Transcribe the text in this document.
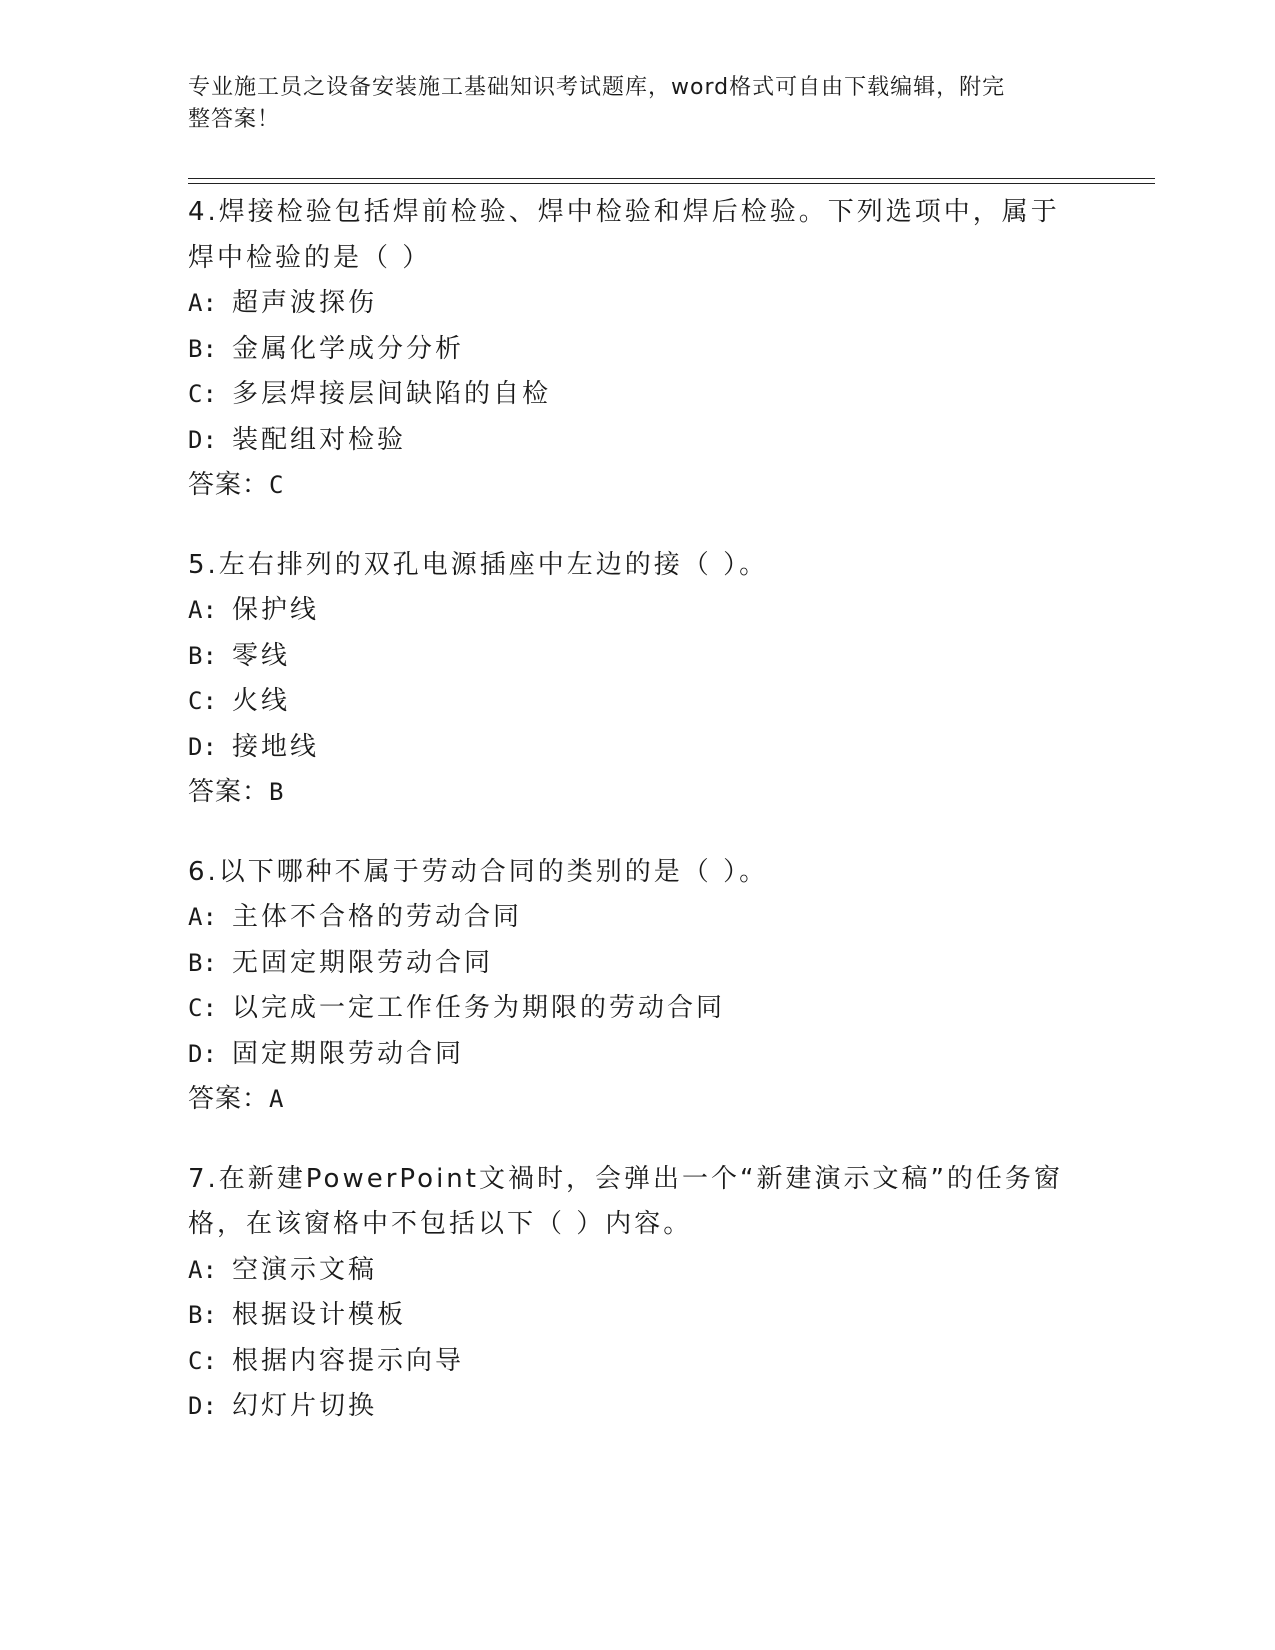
专业施工员之设备安装施工基础知识考试题库，word格式可自由下载编辑，附完
整答案！
4.焊接检验包括焊前检验、焊中检验和焊后检验。下列选项中，属于焊中检验的是（ ）
A: 超声波探伤
B: 金属化学成分分析
C: 多层焊接层间缺陷的自检
D: 装配组对检验
答案：C
5.左右排列的双孔电源插座中左边的接（ ）。
A: 保护线
B: 零线
C: 火线
D: 接地线
答案：B
6.以下哪种不属于劳动合同的类别的是（ ）。
A: 主体不合格的劳动合同
B: 无固定期限劳动合同
C: 以完成一定工作任务为期限的劳动合同
D: 固定期限劳动合同
答案：A
7.在新建PowerPoint文禍时，会弹出一个“新建演示文稿”的任务窗格，在该窗格中不包括以下（ ）内容。
A: 空演示文稿
B: 根据设计模板
C: 根据内容提示向导
D: 幻灯片切换
